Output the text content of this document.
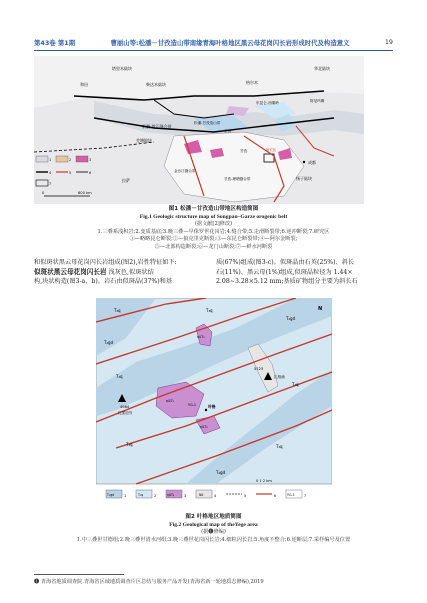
第43卷 第1期	曹丽山等:松潘－甘孜造山带南缘青海叶格地区黑云母花岗闪长岩形成时代及构造意义	19
塔里木陆块
和田	柴达木陆块	格尔木
华北陆块
东昆仑-西秦岭	阿尼玛卿
松潘-甘孜造山带
玉树
新疆-歇江缝合带
羌塘地块
金沙江缝合带
拉萨	甘孜-理塘缝合带
成都
扬子陆块
甘孜	研究区
0	600 km
1	2	3
4	5	6
7
图1 松潘－甘孜造山带地区构造简图
Fig.1 Geologic structure map of Songpan–Garze orogenic belt
(据文献[2]修改)
1.三叠系浅积岩;2.变质基底;3.晚三叠—早侏罗世花岗岩;4.缝合带;5.走滑断裂带;6.逆冲断裂;7.研究区
①—略略昆仑断裂;②—狼克里克断裂;③—东昆仑断裂带;④—阿尔金断裂;
⑤—北部构造断裂;⑥—龙门山断裂;⑦—鲜水河断裂
和似斑状黑云母花岗闪长岩组成(图2),岩性特征如下:
似斑状黑云母花岗闪长岩 浅灰色,似斑状结
构,块状构造(图3-a、b)。岩石由似斑晶(37%)和基
质(67%)组成(图3-c)。似斑晶由石英(25%)、斜长
石(11%)、黑云母(1%)组成,似斑晶粒径为 1.44×
2.08~3.28×5.12 mm;基质矿物组分主要为斜长石
T₃q	T₃q
T₂gd
T₃q
T₃q
T₃q	T₃q
T₂gd
T₂gd
ηδT₃
ηδT₃
ηδT₃
4984
扎加加穷
5123
扎格涌
叶格
YG-1
N
0 1 2 km
T₂gd	T₃q	ηδT₃	Nδ	YG-1
1	2	3	4	5	6	7
图2 叶格地区地质简图
Fig.2 Geological map of theYege area
(据❶修编)
1.中三叠世甘德组;2.晚三叠世清水河组;3.晚三叠世花岗闪长岩;4.细粒闪长岩;5.角度不整合;6.逆断层;7.采样编号及位置
❶ 青海省地质调查院.青海省区域地质调查片区总结与服务产品开发(青海省新一轮地质志修编),2019
